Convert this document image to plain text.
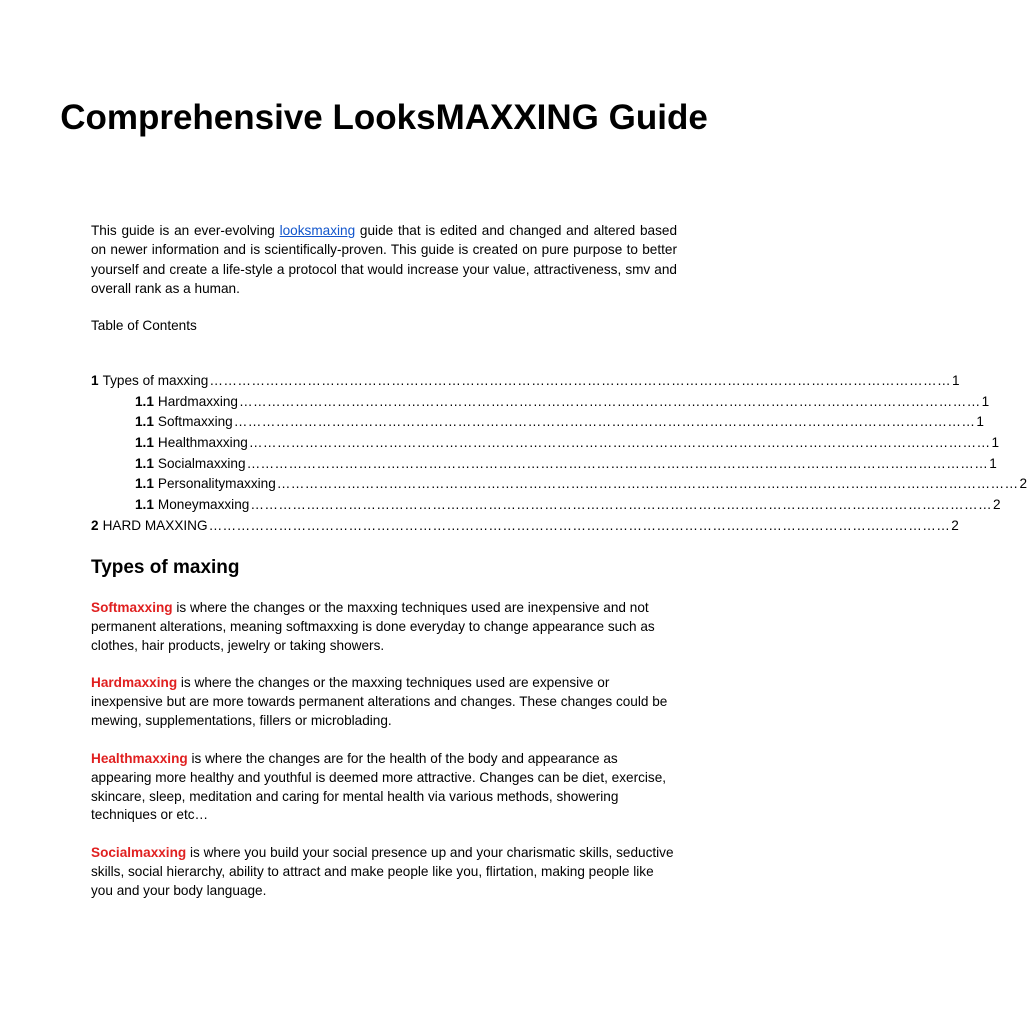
Comprehensive LooksMAXXING Guide

This guide is an ever-evolving looksmaxing guide that is edited and changed and altered based on newer information and is scientifically-proven. This guide is created on pure purpose to better yourself and create a life-style a protocol that would increase your value, attractiveness, smv and overall rank as a human.

Table of Contents

1 Types of maxxing …………………………………………………………………………………………………………………………………………… 1
1.1 Hardmaxxing …………………………………………………………………………………………………………………………………………… 1
1.1 Softmaxxing …………………………………………………………………………………………………………………………………………… 1
1.1 Healthmaxxing …………………………………………………………………………………………………………………………………………… 1
1.1 Socialmaxxing …………………………………………………………………………………………………………………………………………… 1
1.1 Personalitymaxxing …………………………………………………………………………………………………………………………………………… 2
1.1 Moneymaxxing …………………………………………………………………………………………………………………………………………… 2
2 HARD MAXXING …………………………………………………………………………………………………………………………………………… 2
Types of maxing

Softmaxxing is where the changes or the maxxing techniques used are inexpensive and not permanent alterations, meaning softmaxxing is done everyday to change appearance such as clothes, hair products, jewelry or taking showers.

Hardmaxxing is where the changes or the maxxing techniques used are expensive or inexpensive but are more towards permanent alterations and changes. These changes could be mewing, supplementations, fillers or microblading.

Healthmaxxing is where the changes are for the health of the body and appearance as appearing more healthy and youthful is deemed more attractive. Changes can be diet, exercise, skincare, sleep, meditation and caring for mental health via various methods, showering techniques or etc…

Socialmaxxing is where you build your social presence up and your charismatic skills, seductive skills, social hierarchy, ability to attract and make people like you, flirtation, making people like you and your body language.
